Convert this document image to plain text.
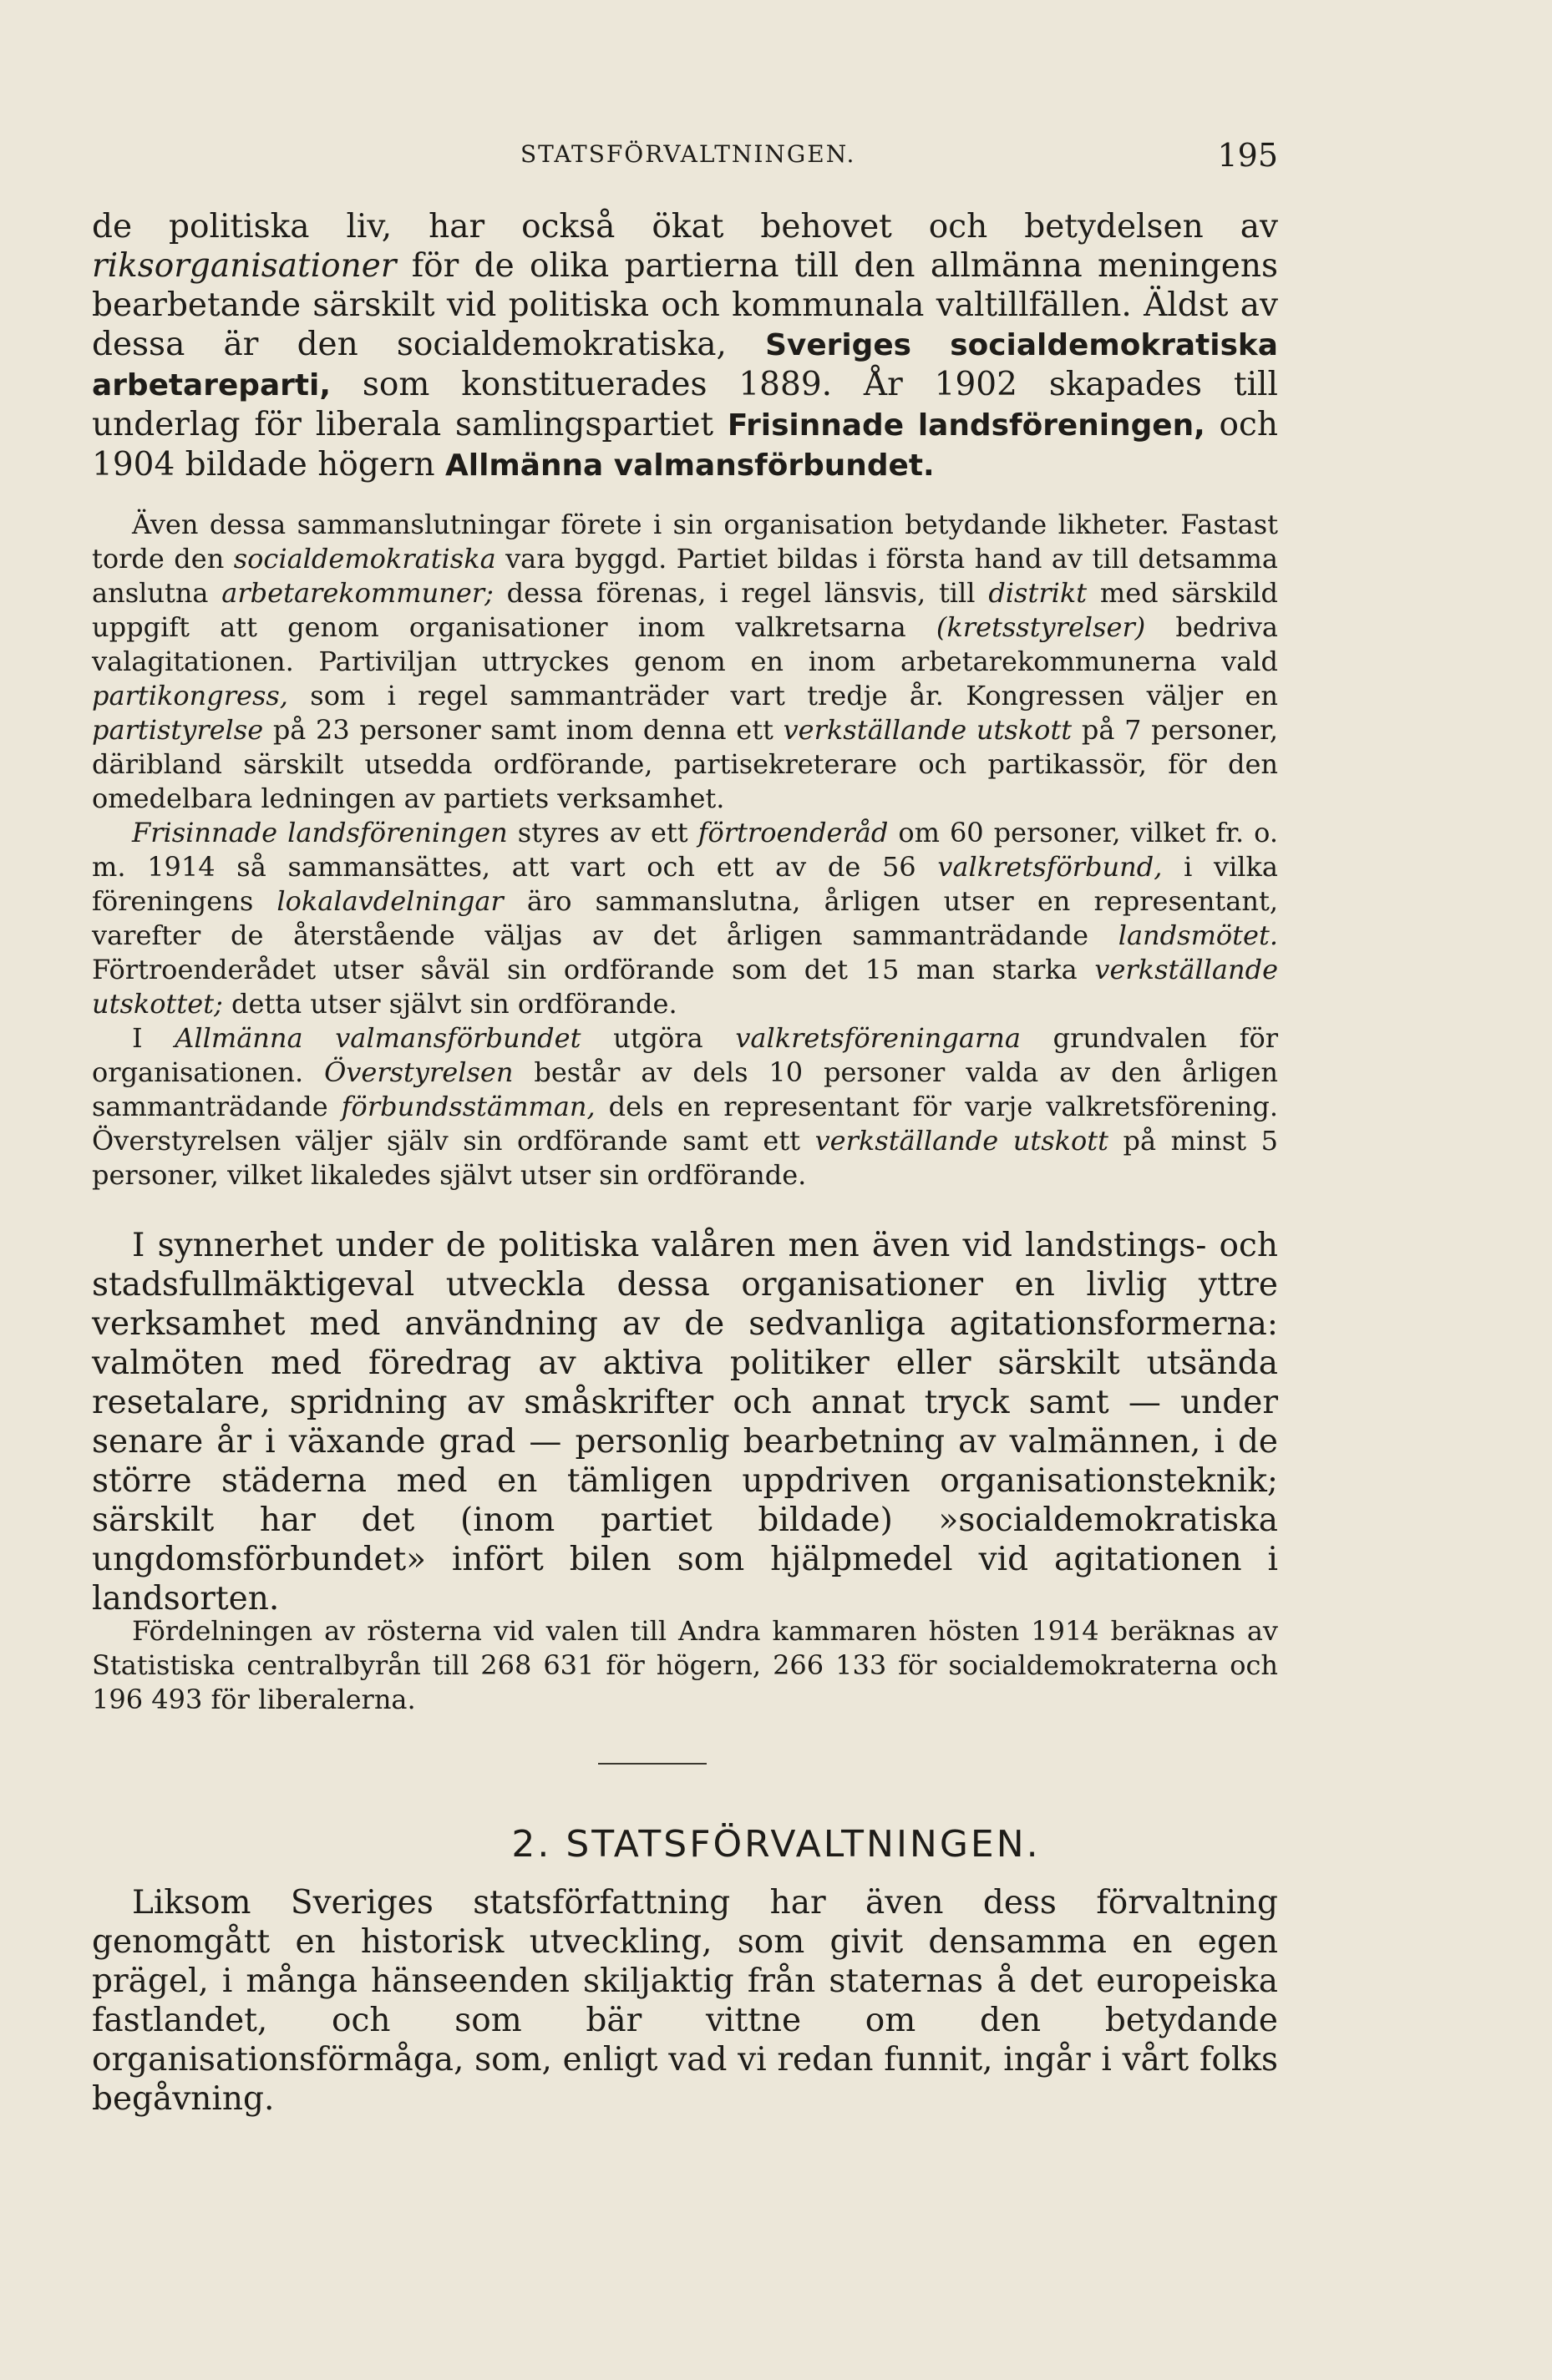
STATSFÖRVALTNINGEN.	195

de politiska liv, har också ökat behovet och betydelsen av riksorganisationer för de olika partierna till den allmänna meningens bearbetande särskilt vid politiska och kommunala valtillfällen. Äldst av dessa är den socialdemokratiska, Sveriges socialdemokratiska arbetareparti, som konstituerades 1889. År 1902 skapades till underlag för liberala samlingspartiet Frisinnade landsföreningen, och 1904 bildade högern Allmänna valmansförbundet.

Även dessa sammanslutningar förete i sin organisation betydande likheter. Fastast torde den socialdemokratiska vara byggd. Partiet bildas i första hand av till detsamma anslutna arbetarekommuner; dessa förenas, i regel länsvis, till distrikt med särskild uppgift att genom organisationer inom valkretsarna (kretsstyrelser) bedriva valagitationen. Partiviljan uttryckes genom en inom arbetarekommunerna vald partikongress, som i regel sammanträder vart tredje år. Kongressen väljer en partistyrelse på 23 personer samt inom denna ett verkställande utskott på 7 personer, däribland särskilt utsedda ordförande, partisekreterare och partikassör, för den omedelbara ledningen av partiets verksamhet.

Frisinnade landsföreningen styres av ett förtroenderåd om 60 personer, vilket fr. o. m. 1914 så sammansättes, att vart och ett av de 56 valkretsförbund, i vilka föreningens lokalavdelningar äro sammanslutna, årligen utser en representant, varefter de återstående väljas av det årligen sammanträdande landsmötet. Förtroenderådet utser såväl sin ordförande som det 15 man starka verkställande utskottet; detta utser självt sin ordförande.

I Allmänna valmansförbundet utgöra valkretsföreningarna grundvalen för organisationen. Överstyrelsen består av dels 10 personer valda av den årligen sammanträdande förbundsstämman, dels en representant för varje valkretsförening. Överstyrelsen väljer själv sin ordförande samt ett verkställande utskott på minst 5 personer, vilket likaledes självt utser sin ordförande.

I synnerhet under de politiska valåren men även vid landstings- och stadsfullmäktigeval utveckla dessa organisationer en livlig yttre verksamhet med användning av de sedvanliga agitationsformerna: valmöten med föredrag av aktiva politiker eller särskilt utsända resetalare, spridning av småskrifter och annat tryck samt — under senare år i växande grad — personlig bearbetning av valmännen, i de större städerna med en tämligen uppdriven organisationsteknik; särskilt har det (inom partiet bildade) »socialdemokratiska ungdomsförbundet» infört bilen som hjälpmedel vid agitationen i landsorten.

Fördelningen av rösterna vid valen till Andra kammaren hösten 1914 beräknas av Statistiska centralbyrån till 268 631 för högern, 266 133 för socialdemokraterna och 196 493 för liberalerna.

2. STATSFÖRVALTNINGEN.

Liksom Sveriges statsförfattning har även dess förvaltning genomgått en historisk utveckling, som givit densamma en egen prägel, i många hänseenden skiljaktig från staternas å det europeiska fastlandet, och som bär vittne om den betydande organisationsförmåga, som, enligt vad vi redan funnit, ingår i vårt folks begåvning.
